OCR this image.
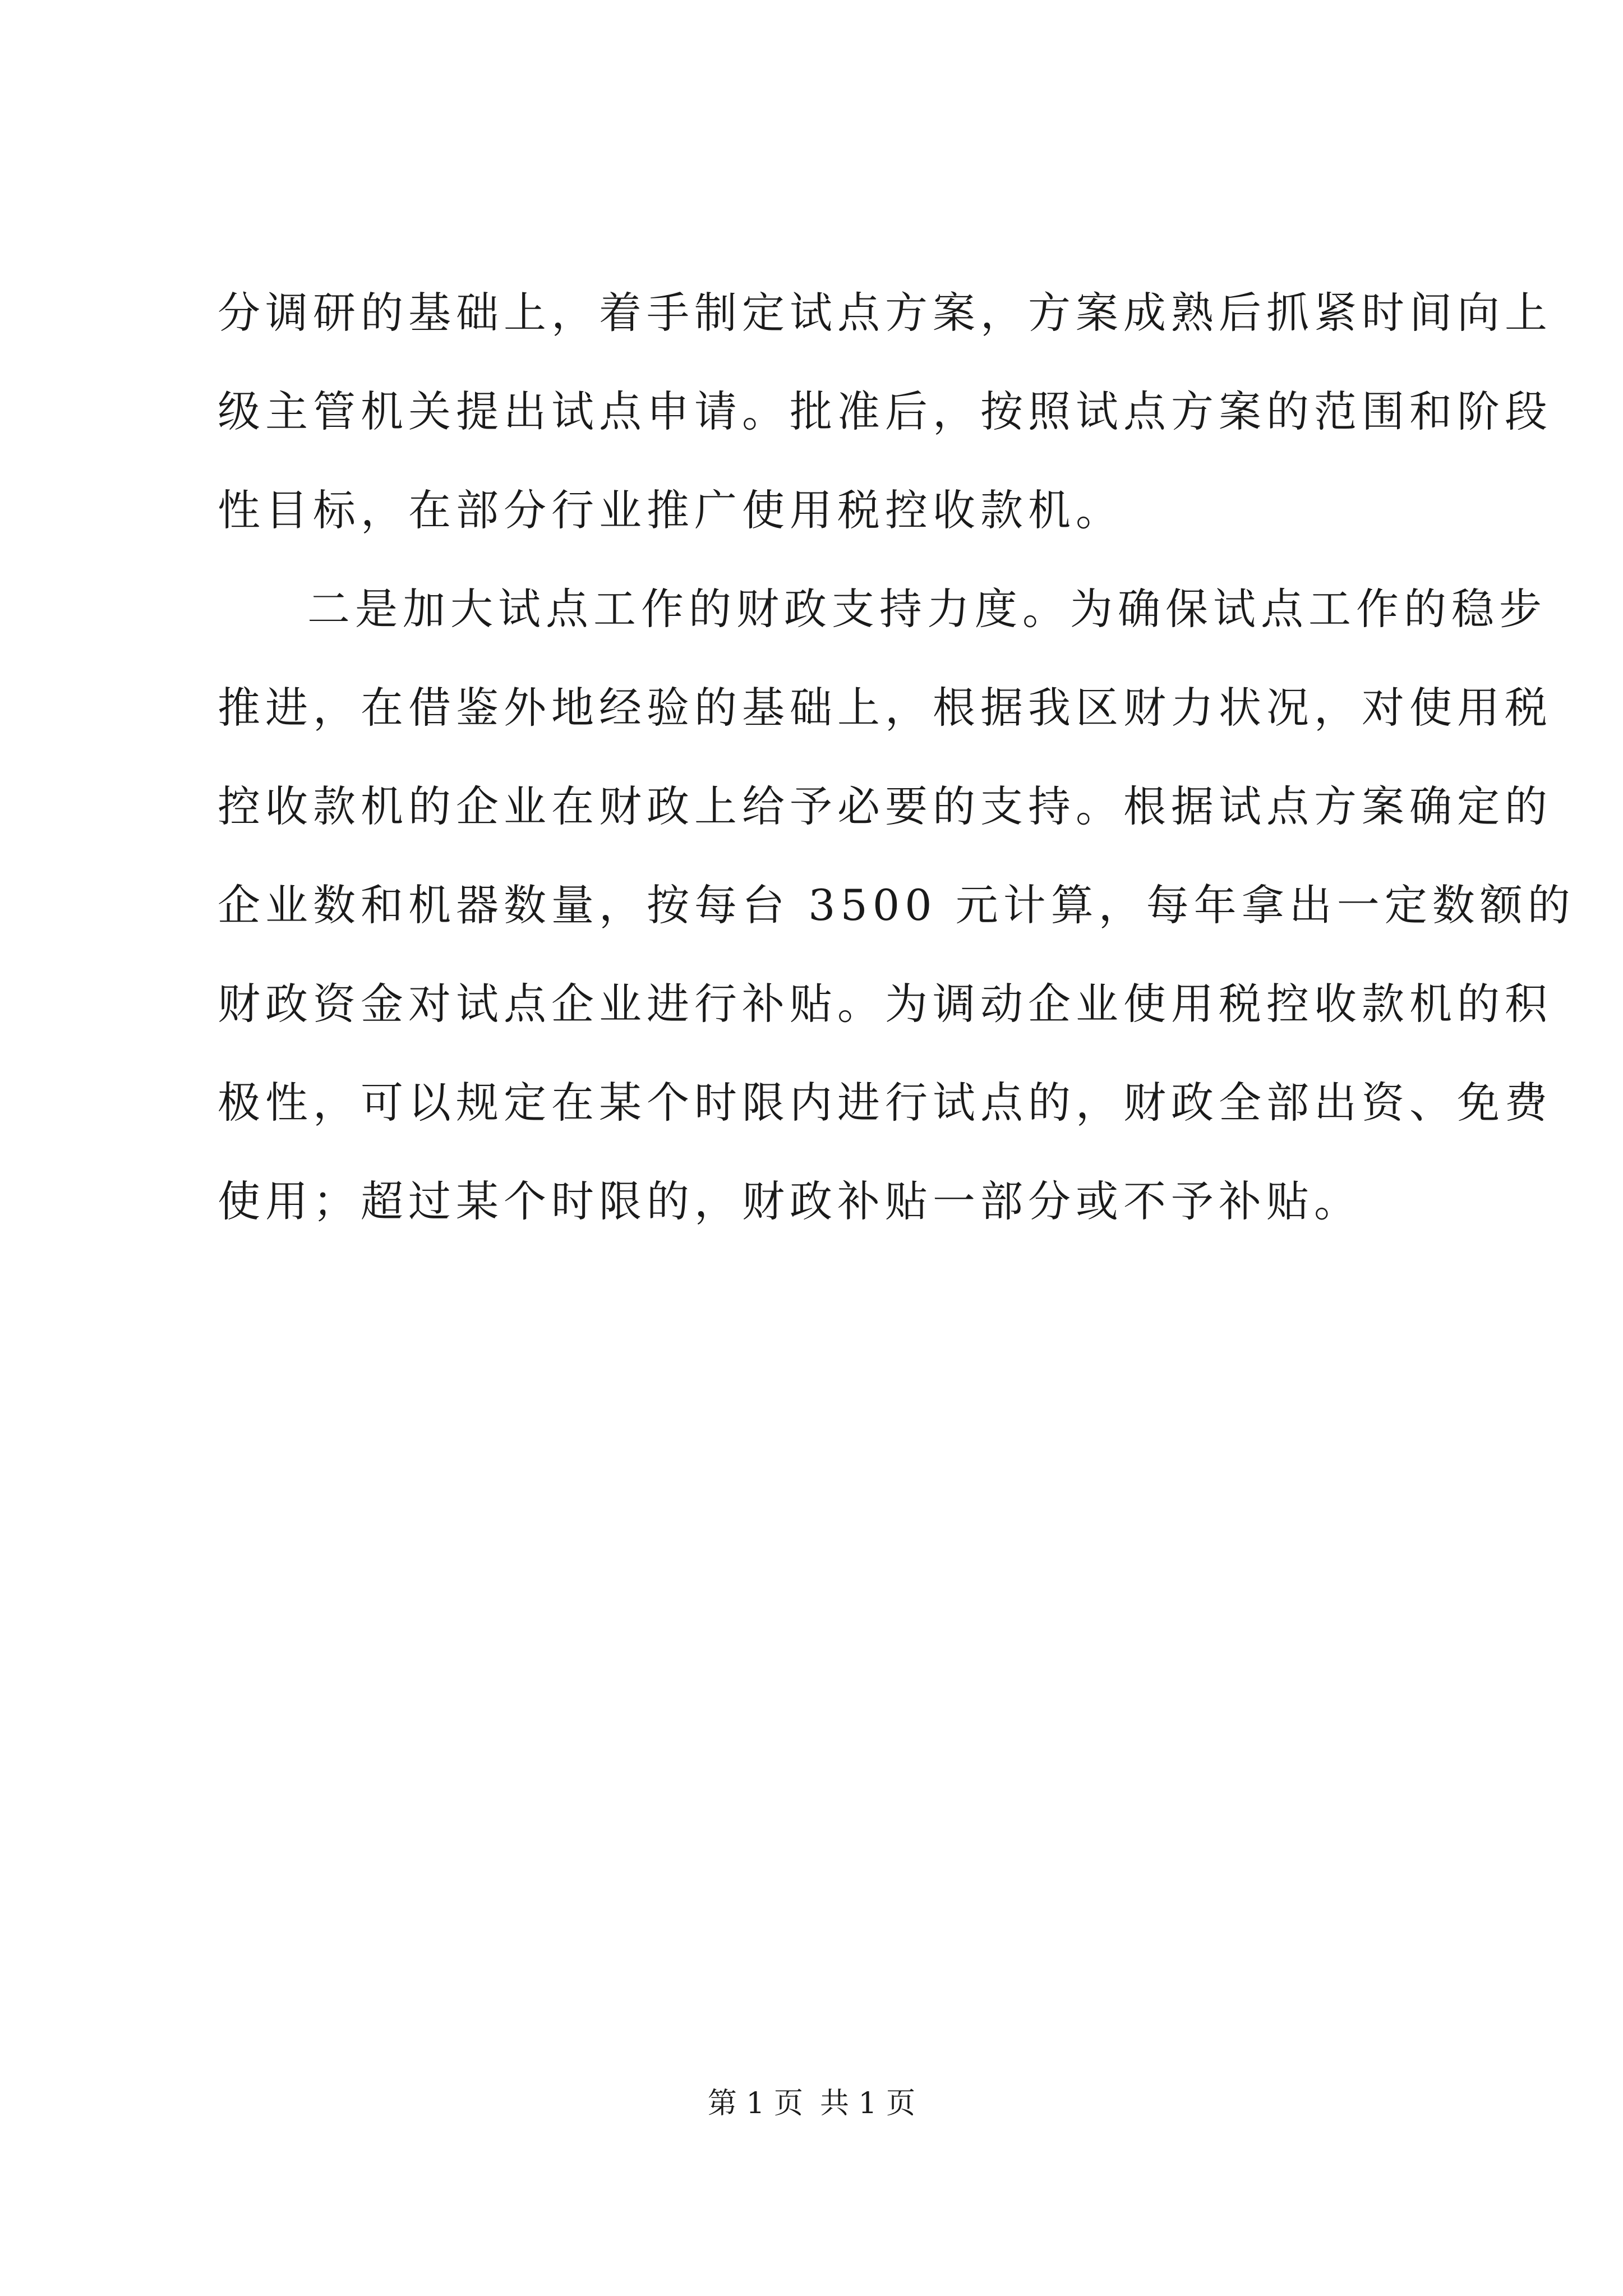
分调研的基础上，着手制定试点方案，方案成熟后抓紧时间向上
级主管机关提出试点申请。批准后，按照试点方案的范围和阶段
性目标，在部分行业推广使用税控收款机。
二是加大试点工作的财政支持力度。为确保试点工作的稳步
推进，在借鉴外地经验的基础上，根据我区财力状况，对使用税
控收款机的企业在财政上给予必要的支持。根据试点方案确定的
企业数和机器数量，按每台 3500 元计算，每年拿出一定数额的
财政资金对试点企业进行补贴。为调动企业使用税控收款机的积
极性，可以规定在某个时限内进行试点的，财政全部出资、免费
使用；超过某个时限的，财政补贴一部分或不予补贴。
第 1 页 共 1 页
